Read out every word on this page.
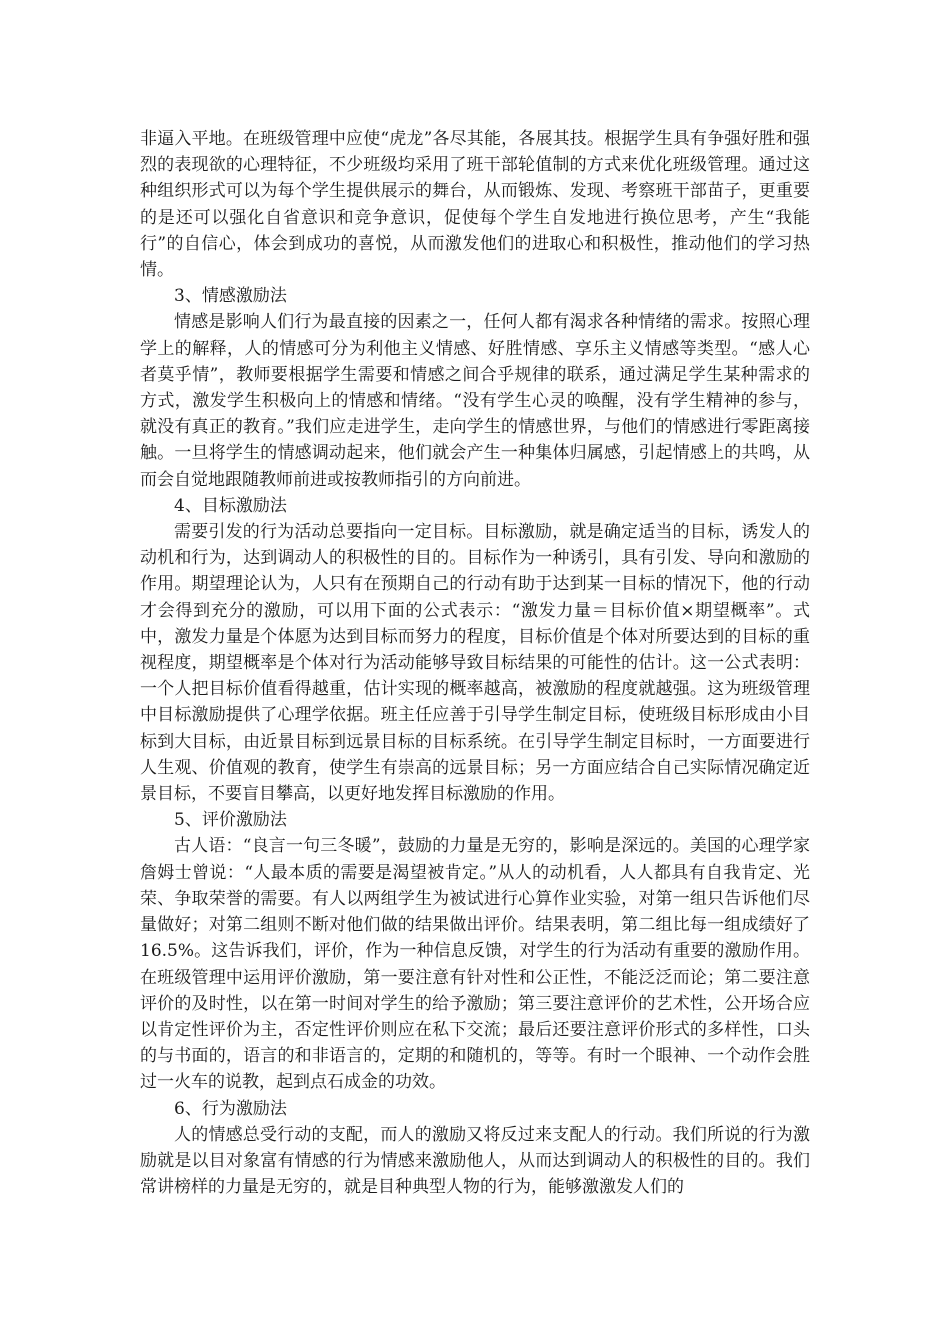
非逼入平地。在班级管理中应使“虎龙”各尽其能，各展其技。根据学生具有争强好胜和强烈的表现欲的心理特征，不少班级均采用了班干部轮值制的方式来优化班级管理。通过这种组织形式可以为每个学生提供展示的舞台，从而锻炼、发现、考察班干部苗子，更重要的是还可以强化自省意识和竞争意识，促使每个学生自发地进行换位思考，产生“我能行”的自信心，体会到成功的喜悦，从而激发他们的进取心和积极性，推动他们的学习热情。

3、情感激励法

情感是影响人们行为最直接的因素之一，任何人都有渴求各种情绪的需求。按照心理学上的解释，人的情感可分为利他主义情感、好胜情感、享乐主义情感等类型。“感人心者莫乎情”，教师要根据学生需要和情感之间合乎规律的联系，通过满足学生某种需求的方式，激发学生积极向上的情感和情绪。“没有学生心灵的唤醒，没有学生精神的参与，就没有真正的教育。”我们应走进学生，走向学生的情感世界，与他们的情感进行零距离接触。一旦将学生的情感调动起来，他们就会产生一种集体归属感，引起情感上的共鸣，从而会自觉地跟随教师前进或按教师指引的方向前进。

4、目标激励法

需要引发的行为活动总要指向一定目标。目标激励，就是确定适当的目标，诱发人的动机和行为，达到调动人的积极性的目的。目标作为一种诱引，具有引发、导向和激励的作用。期望理论认为，人只有在预期自己的行动有助于达到某一目标的情况下，他的行动才会得到充分的激励，可以用下面的公式表示：“激发力量＝目标价值×期望概率”。式中，激发力量是个体愿为达到目标而努力的程度，目标价值是个体对所要达到的目标的重视程度，期望概率是个体对行为活动能够导致目标结果的可能性的估计。这一公式表明：一个人把目标价值看得越重，估计实现的概率越高，被激励的程度就越强。这为班级管理中目标激励提供了心理学依据。班主任应善于引导学生制定目标，使班级目标形成由小目标到大目标，由近景目标到远景目标的目标系统。在引导学生制定目标时，一方面要进行人生观、价值观的教育，使学生有崇高的远景目标；另一方面应结合自己实际情况确定近景目标，不要盲目攀高，以更好地发挥目标激励的作用。

5、评价激励法

古人语：“良言一句三冬暖”，鼓励的力量是无穷的，影响是深远的。美国的心理学家詹姆士曾说：“人最本质的需要是渴望被肯定。”从人的动机看，人人都具有自我肯定、光荣、争取荣誉的需要。有人以两组学生为被试进行心算作业实验，对第一组只告诉他们尽量做好；对第二组则不断对他们做的结果做出评价。结果表明，第二组比每一组成绩好了16.5%。这告诉我们，评价，作为一种信息反馈，对学生的行为活动有重要的激励作用。在班级管理中运用评价激励，第一要注意有针对性和公正性，不能泛泛而论；第二要注意评价的及时性，以在第一时间对学生的给予激励；第三要注意评价的艺术性，公开场合应以肯定性评价为主，否定性评价则应在私下交流；最后还要注意评价形式的多样性，口头的与书面的，语言的和非语言的，定期的和随机的，等等。有时一个眼神、一个动作会胜过一火车的说教，起到点石成金的功效。

6、行为激励法

人的情感总受行动的支配，而人的激励又将反过来支配人的行动。我们所说的行为激励就是以目对象富有情感的行为情感来激励他人，从而达到调动人的积极性的目的。我们常讲榜样的力量是无穷的，就是目种典型人物的行为，能够激激发人们的
